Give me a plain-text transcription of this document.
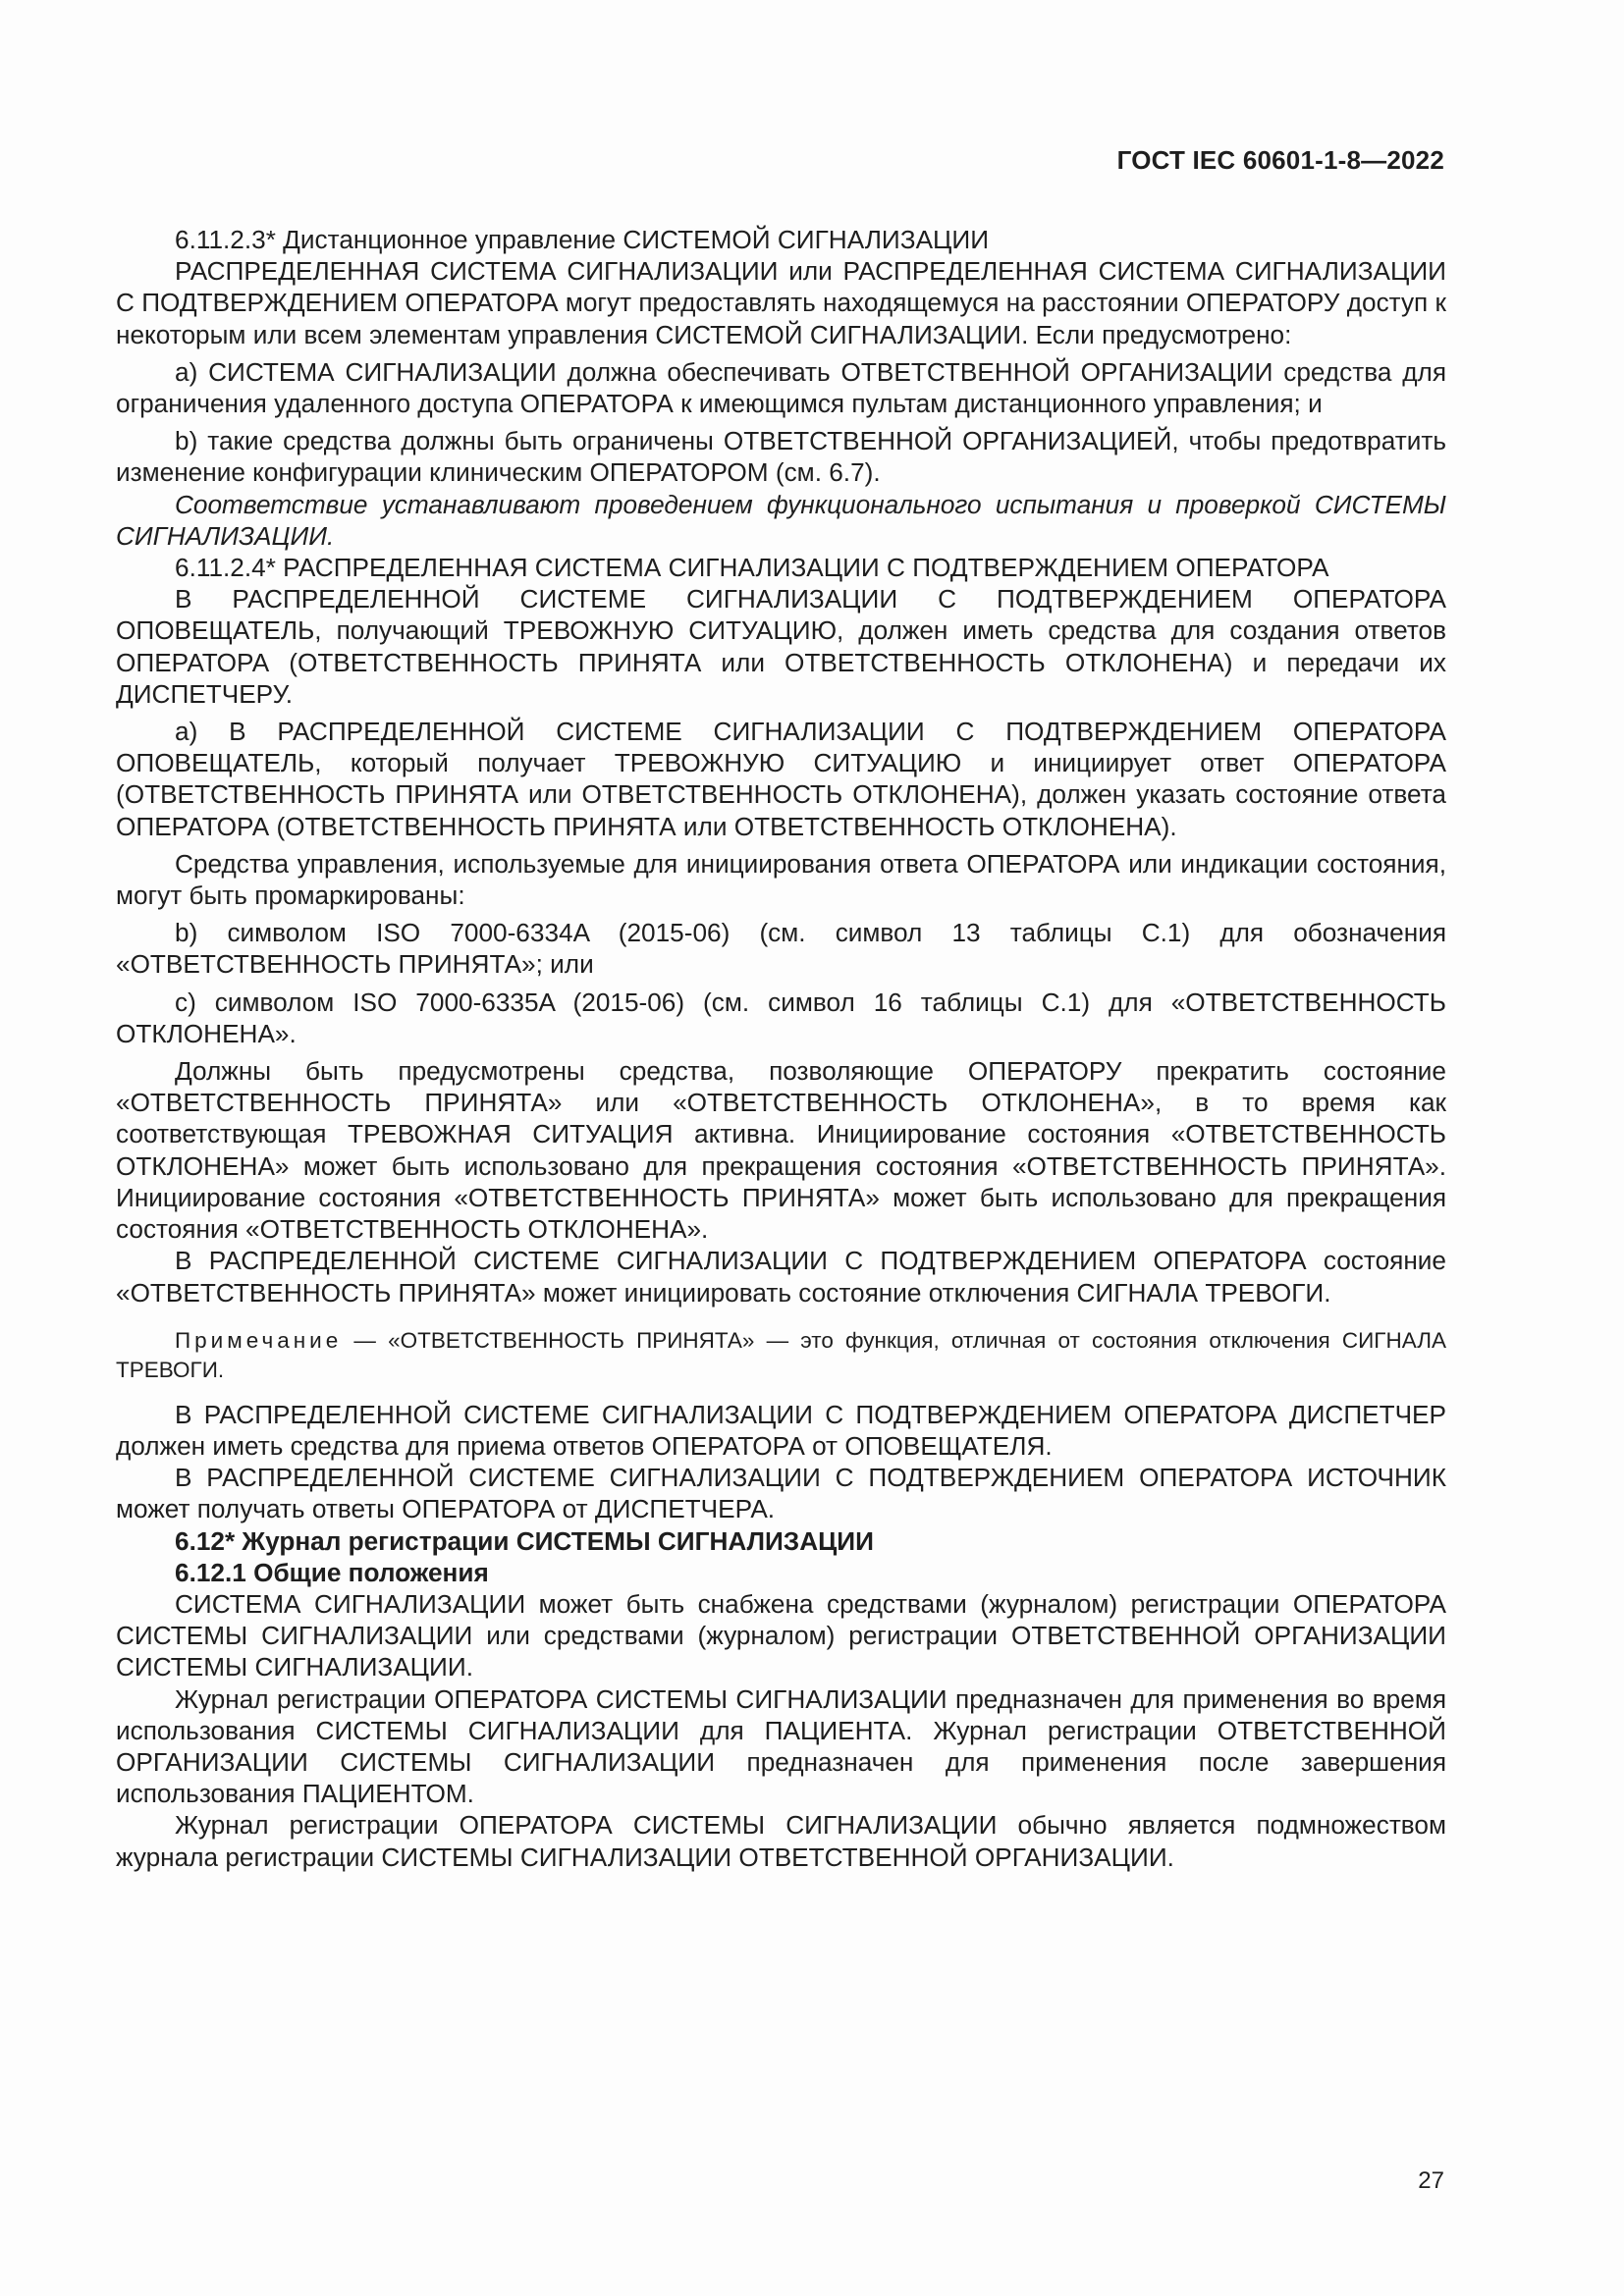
ГОСТ IEC 60601-1-8—2022

6.11.2.3* Дистанционное управление СИСТЕМОЙ СИГНАЛИЗАЦИИ

РАСПРЕДЕЛЕННАЯ СИСТЕМА СИГНАЛИЗАЦИИ или РАСПРЕДЕЛЕННАЯ СИСТЕМА СИГНАЛИЗАЦИИ С ПОДТВЕРЖДЕНИЕМ ОПЕРАТОРА могут предоставлять находящемуся на расстоянии ОПЕРАТОРУ доступ к некоторым или всем элементам управления СИСТЕМОЙ СИГНАЛИЗАЦИИ. Если предусмотрено:

a) СИСТЕМА СИГНАЛИЗАЦИИ должна обеспечивать ОТВЕТСТВЕННОЙ ОРГАНИЗАЦИИ средства для ограничения удаленного доступа ОПЕРАТОРА к имеющимся пультам дистанционного управления; и

b) такие средства должны быть ограничены ОТВЕТСТВЕННОЙ ОРГАНИЗАЦИЕЙ, чтобы предотвратить изменение конфигурации клиническим ОПЕРАТОРОМ (см. 6.7).

Соответствие устанавливают проведением функционального испытания и проверкой СИСТЕМЫ СИГНАЛИЗАЦИИ.

6.11.2.4* РАСПРЕДЕЛЕННАЯ СИСТЕМА СИГНАЛИЗАЦИИ С ПОДТВЕРЖДЕНИЕМ ОПЕРАТОРА

В РАСПРЕДЕЛЕННОЙ СИСТЕМЕ СИГНАЛИЗАЦИИ С ПОДТВЕРЖДЕНИЕМ ОПЕРАТОРА ОПОВЕЩАТЕЛЬ, получающий ТРЕВОЖНУЮ СИТУАЦИЮ, должен иметь средства для создания ответов ОПЕРАТОРА (ОТВЕТСТВЕННОСТЬ ПРИНЯТА или ОТВЕТСТВЕННОСТЬ ОТКЛОНЕНА) и передачи их ДИСПЕТЧЕРУ.

a) В РАСПРЕДЕЛЕННОЙ СИСТЕМЕ СИГНАЛИЗАЦИИ С ПОДТВЕРЖДЕНИЕМ ОПЕРАТОРА ОПОВЕЩАТЕЛЬ, который получает ТРЕВОЖНУЮ СИТУАЦИЮ и инициирует ответ ОПЕРАТОРА (ОТВЕТСТВЕННОСТЬ ПРИНЯТА или ОТВЕТСТВЕННОСТЬ ОТКЛОНЕНА), должен указать состояние ответа ОПЕРАТОРА (ОТВЕТСТВЕННОСТЬ ПРИНЯТА или ОТВЕТСТВЕННОСТЬ ОТКЛОНЕНА).

Средства управления, используемые для инициирования ответа ОПЕРАТОРА или индикации состояния, могут быть промаркированы:

b) символом ISO 7000-6334A (2015-06) (см. символ 13 таблицы С.1) для обозначения «ОТВЕТСТВЕННОСТЬ ПРИНЯТА»; или

c) символом ISO 7000-6335A (2015-06) (см. символ 16 таблицы С.1) для «ОТВЕТСТВЕННОСТЬ ОТКЛОНЕНА».

Должны быть предусмотрены средства, позволяющие ОПЕРАТОРУ прекратить состояние «ОТВЕТСТВЕННОСТЬ ПРИНЯТА» или «ОТВЕТСТВЕННОСТЬ ОТКЛОНЕНА», в то время как соответствующая ТРЕВОЖНАЯ СИТУАЦИЯ активна. Инициирование состояния «ОТВЕТСТВЕННОСТЬ ОТКЛОНЕНА» может быть использовано для прекращения состояния «ОТВЕТСТВЕННОСТЬ ПРИНЯТА». Инициирование состояния «ОТВЕТСТВЕННОСТЬ ПРИНЯТА» может быть использовано для прекращения состояния «ОТВЕТСТВЕННОСТЬ ОТКЛОНЕНА».

В РАСПРЕДЕЛЕННОЙ СИСТЕМЕ СИГНАЛИЗАЦИИ С ПОДТВЕРЖДЕНИЕМ ОПЕРАТОРА состояние «ОТВЕТСТВЕННОСТЬ ПРИНЯТА» может инициировать состояние отключения СИГНАЛА ТРЕВОГИ.

Примечание — «ОТВЕТСТВЕННОСТЬ ПРИНЯТА» — это функция, отличная от состояния отключения СИГНАЛА ТРЕВОГИ.

В РАСПРЕДЕЛЕННОЙ СИСТЕМЕ СИГНАЛИЗАЦИИ С ПОДТВЕРЖДЕНИЕМ ОПЕРАТОРА ДИСПЕТЧЕР должен иметь средства для приема ответов ОПЕРАТОРА от ОПОВЕЩАТЕЛЯ.

В РАСПРЕДЕЛЕННОЙ СИСТЕМЕ СИГНАЛИЗАЦИИ С ПОДТВЕРЖДЕНИЕМ ОПЕРАТОРА ИСТОЧНИК может получать ответы ОПЕРАТОРА от ДИСПЕТЧЕРА.

6.12* Журнал регистрации СИСТЕМЫ СИГНАЛИЗАЦИИ

6.12.1 Общие положения

СИСТЕМА СИГНАЛИЗАЦИИ может быть снабжена средствами (журналом) регистрации ОПЕРАТОРА СИСТЕМЫ СИГНАЛИЗАЦИИ или средствами (журналом) регистрации ОТВЕТСТВЕННОЙ ОРГАНИЗАЦИИ СИСТЕМЫ СИГНАЛИЗАЦИИ.

Журнал регистрации ОПЕРАТОРА СИСТЕМЫ СИГНАЛИЗАЦИИ предназначен для применения во время использования СИСТЕМЫ СИГНАЛИЗАЦИИ для ПАЦИЕНТА. Журнал регистрации ОТВЕТСТВЕННОЙ ОРГАНИЗАЦИИ СИСТЕМЫ СИГНАЛИЗАЦИИ предназначен для применения после завершения использования ПАЦИЕНТОМ.

Журнал регистрации ОПЕРАТОРА СИСТЕМЫ СИГНАЛИЗАЦИИ обычно является подмножеством журнала регистрации СИСТЕМЫ СИГНАЛИЗАЦИИ ОТВЕТСТВЕННОЙ ОРГАНИЗАЦИИ.

27
